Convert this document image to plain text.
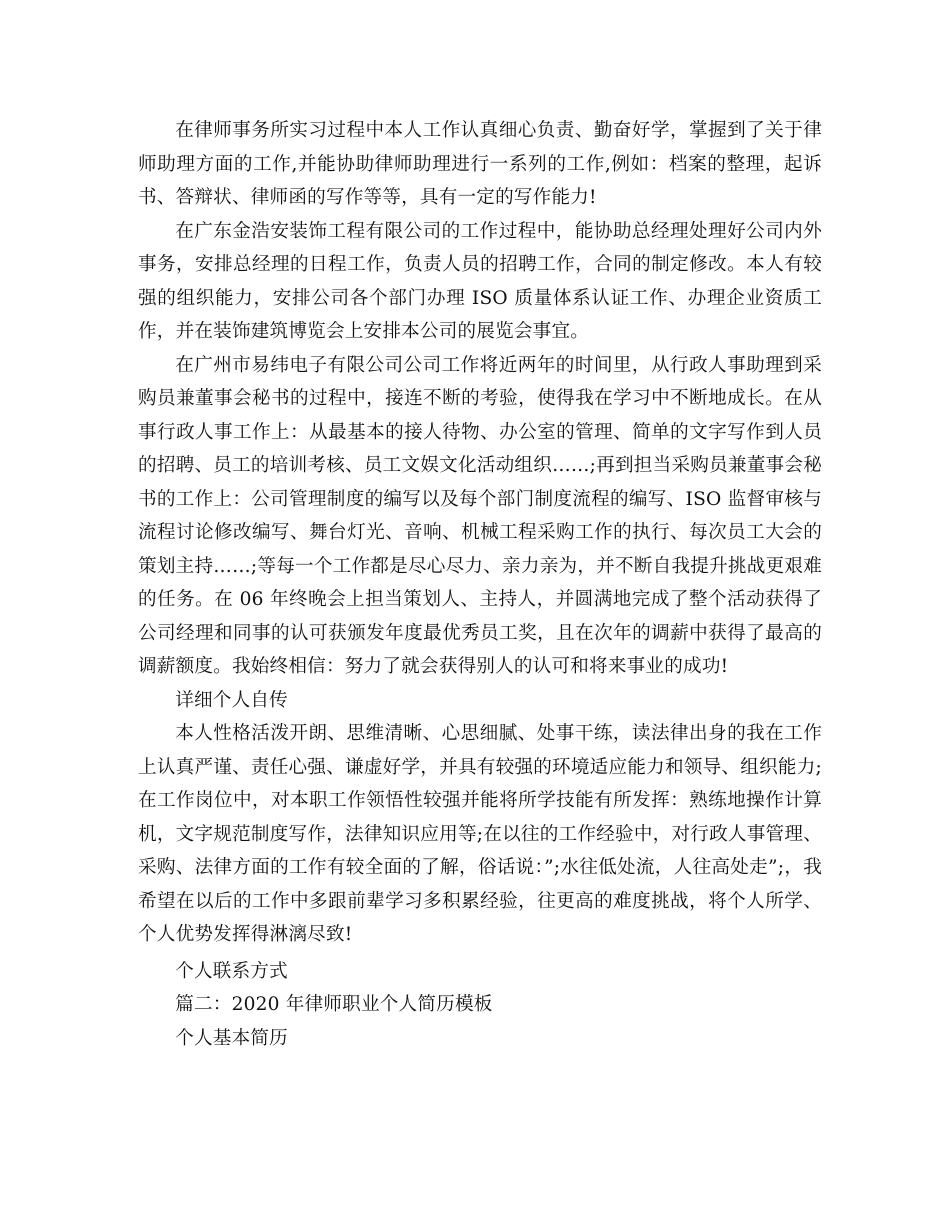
在律师事务所实习过程中本人工作认真细心负责、勤奋好学，掌握到了关于律师助理方面的工作,并能协助律师助理进行一系列的工作,例如：档案的整理，起诉书、答辩状、律师函的写作等等，具有一定的写作能力!

在广东金浩安装饰工程有限公司的工作过程中，能协助总经理处理好公司内外事务，安排总经理的日程工作，负责人员的招聘工作，合同的制定修改。本人有较强的组织能力，安排公司各个部门办理 ISO 质量体系认证工作、办理企业资质工作，并在装饰建筑博览会上安排本公司的展览会事宜。

在广州市易纬电子有限公司公司工作将近两年的时间里，从行政人事助理到采购员兼董事会秘书的过程中，接连不断的考验，使得我在学习中不断地成长。在从事行政人事工作上：从最基本的接人待物、办公室的管理、简单的文字写作到人员的招聘、员工的培训考核、员工文娱文化活动组织……;再到担当采购员兼董事会秘书的工作上：公司管理制度的编写以及每个部门制度流程的编写、ISO 监督审核与流程讨论修改编写、舞台灯光、音响、机械工程采购工作的执行、每次员工大会的策划主持……;等每一个工作都是尽心尽力、亲力亲为，并不断自我提升挑战更艰难的任务。在 06 年终晚会上担当策划人、主持人，并圆满地完成了整个活动获得了公司经理和同事的认可获颁发年度最优秀员工奖，且在次年的调薪中获得了最高的调薪额度。我始终相信：努力了就会获得别人的认可和将来事业的成功!

详细个人自传

本人性格活泼开朗、思维清晰、心思细腻、处事干练，读法律出身的我在工作上认真严谨、责任心强、谦虚好学，并具有较强的环境适应能力和领导、组织能力;在工作岗位中，对本职工作领悟性较强并能将所学技能有所发挥：熟练地操作计算机，文字规范制度写作，法律知识应用等;在以往的工作经验中，对行政人事管理、采购、法律方面的工作有较全面的了解，俗话说：”;水往低处流，人往高处走”;，我希望在以后的工作中多跟前辈学习多积累经验，往更高的难度挑战，将个人所学、个人优势发挥得淋漓尽致!

个人联系方式

篇二：2020 年律师职业个人简历模板

个人基本简历
